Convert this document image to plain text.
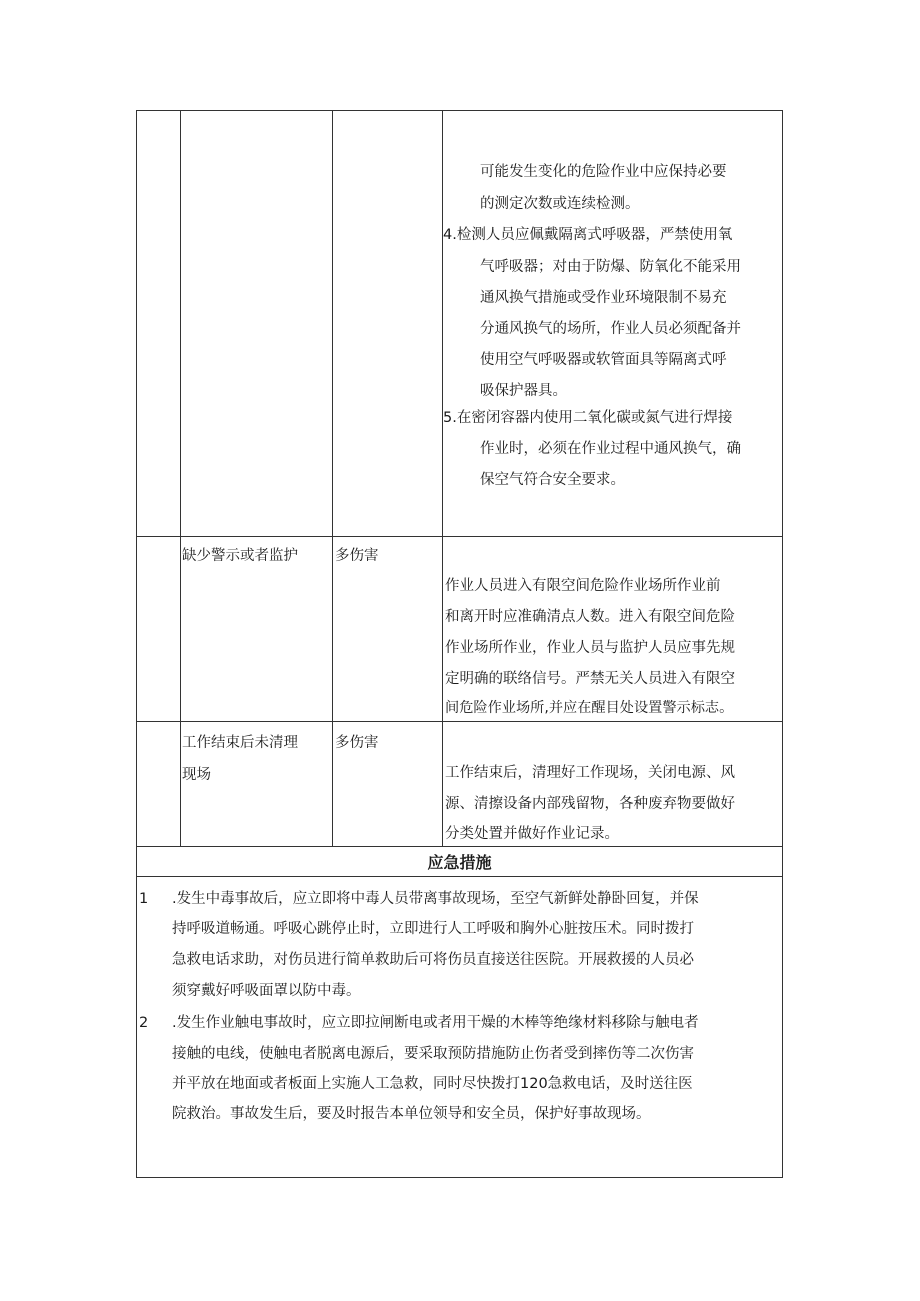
可能发生变化的危险作业中应保持必要
的测定次数或连续检测。
4.检测人员应佩戴隔离式呼吸器，严禁使用氧
气呼吸器；对由于防爆、防氧化不能采用
通风换气措施或受作业环境限制不易充
分通风换气的场所，作业人员必须配备并
使用空气呼吸器或软管面具等隔离式呼
吸保护器具。
5.在密闭容器内使用二氧化碳或氮气进行焊接
作业时，必须在作业过程中通风换气，确
保空气符合安全要求。
缺少警示或者监护	多伤害
作业人员进入有限空间危险作业场所作业前
和离开时应准确清点人数。进入有限空间危险
作业场所作业，作业人员与监护人员应事先规
定明确的联络信号。严禁无关人员进入有限空
间危险作业场所,并应在醒目处设置警示标志。
工作结束后未清理
现场
多伤害
工作结束后，清理好工作现场，关闭电源、风
源、清擦设备内部残留物，各种废弃物要做好
分类处置并做好作业记录。
应急措施
1 .发生中毒事故后，应立即将中毒人员带离事故现场，至空气新鲜处静卧回复，并保
持呼吸道畅通。呼吸心跳停止时，立即进行人工呼吸和胸外心脏按压术。同时拨打
急救电话求助，对伤员进行简单救助后可将伤员直接送往医院。开展救援的人员必
须穿戴好呼吸面罩以防中毒。
2 .发生作业触电事故时，应立即拉闸断电或者用干燥的木棒等绝缘材料移除与触电者
接触的电线，使触电者脱离电源后，要采取预防措施防止伤者受到摔伤等二次伤害
并平放在地面或者板面上实施人工急救，同时尽快拨打120急救电话，及时送往医
院救治。事故发生后，要及时报告本单位领导和安全员，保护好事故现场。
